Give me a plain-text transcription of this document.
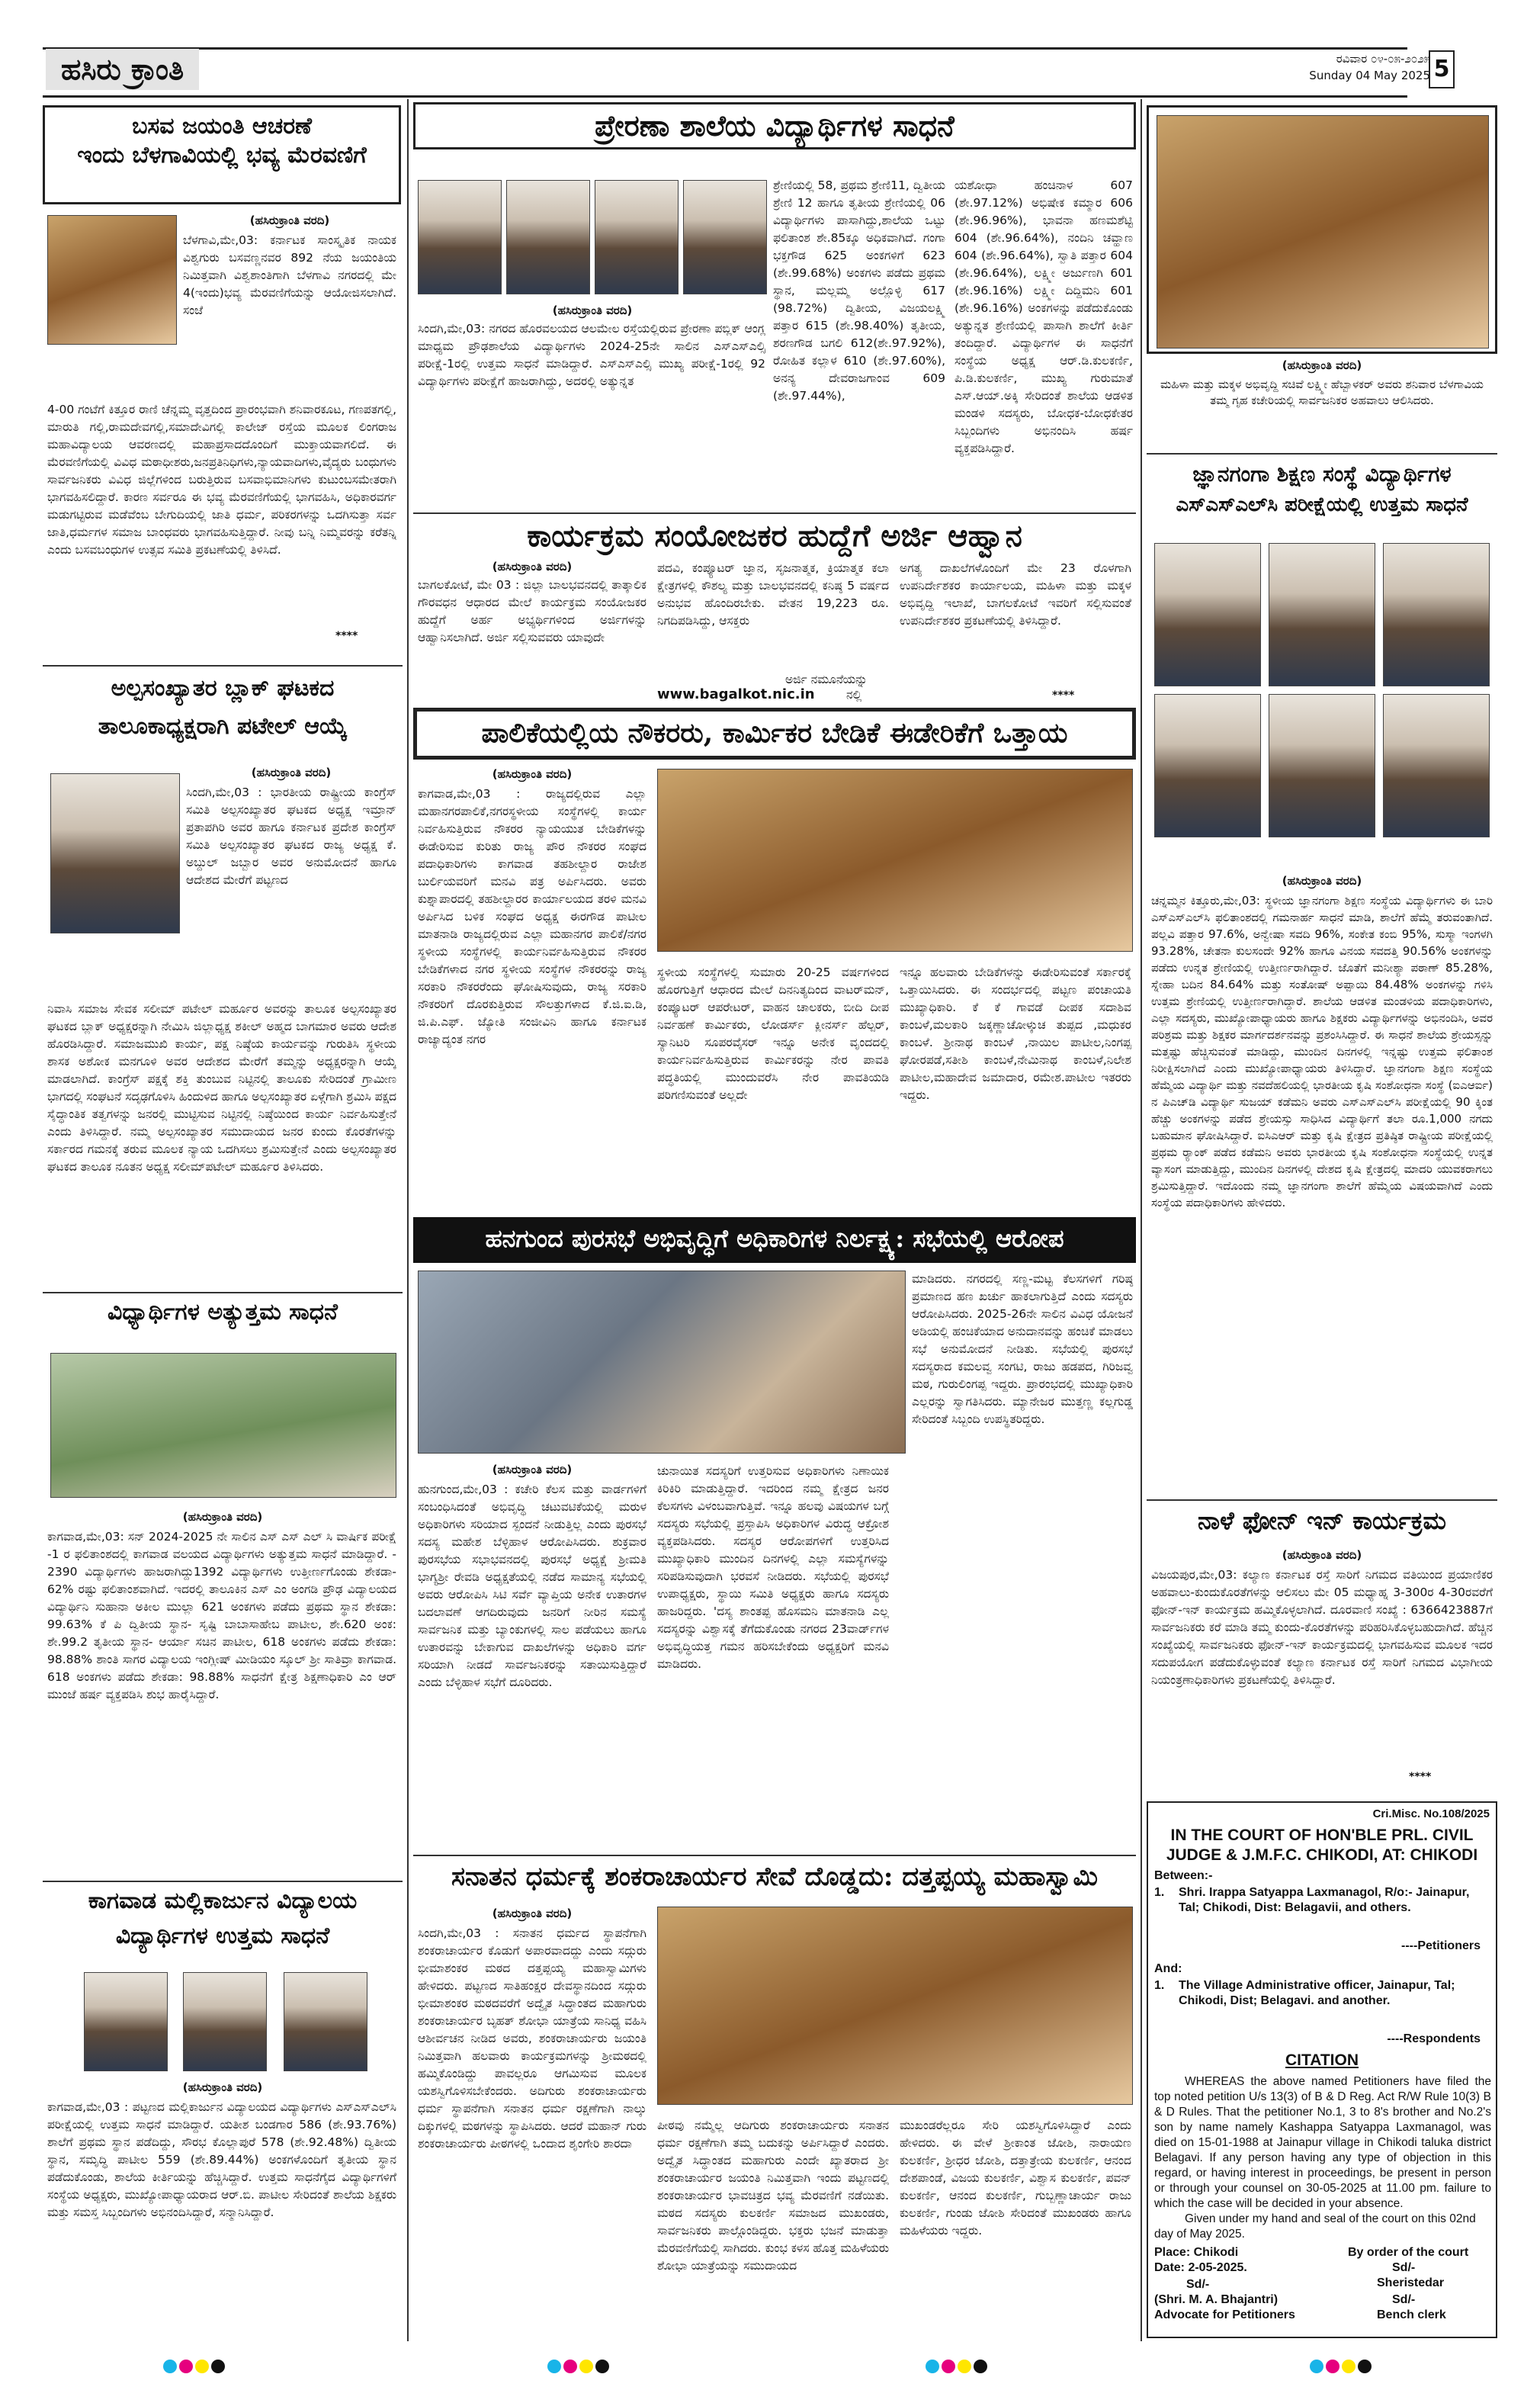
ಹಸಿರು ಕ್ರಾಂತಿ	ರವಿವಾರ ೦೪-೦೫-೨೦೨೫
Sunday 04 May 2025 5
ಬಸವ ಜಯಂತಿ ಆಚರಣೆ
ಇಂದು ಬೆಳಗಾವಿಯಲ್ಲಿ ಭವ್ಯ ಮೆರವಣಿಗೆ
(ಹಸಿರುಕ್ರಾಂತಿ ವರದಿ)
ಬೆಳಗಾವಿ,ಮೇ,03: ಕರ್ನಾಟಕ ಸಾಂಸ್ಕೃತಿಕ ನಾಯಕ ವಿಶ್ವಗುರು ಬಸವಣ್ಣನವರ 892 ನೆಯ ಜಯಂತಿಯ ನಿಮಿತ್ತವಾಗಿ ವಿಶ್ವಶಾಂತಿಗಾಗಿ ಬೆಳಗಾವಿ ನಗರದಲ್ಲಿ ಮೇ 4(ಇಂದು)ಭವ್ಯ ಮೆರವಣಿಗೆಯನ್ನು ಆಯೋಜಿಸಲಾಗಿದೆ. ಸಂಜೆ
4-00 ಗಂಟೆಗೆ ಕಿತ್ತೂರ ರಾಣಿ ಚೆನ್ನಮ್ಮ ವೃತ್ತದಿಂದ ಪ್ರಾರಂಭವಾಗಿ ಶನಿವಾರಕೂಟ, ಗಣಪತಗಲ್ಲಿ, ಮಾರುತಿ ಗಲ್ಲಿ,ರಾಮದೇವಗಲ್ಲಿ,ಸಮಾದೇವಿಗಲ್ಲಿ ಕಾಲೇಜ್ ರಸ್ತೆಯ ಮೂಲಕ ಲಿಂಗರಾಜ ಮಹಾವಿದ್ಯಾಲಯ ಆವರಣದಲ್ಲಿ ಮಹಾಪ್ರಸಾದದೊಂದಿಗೆ ಮುಕ್ತಾಯವಾಗಲಿದೆ. ಈ ಮೆರವಣಿಗೆಯಲ್ಲಿ ವಿವಿಧ ಮಠಾಧೀಶರು,ಜನಪ್ರತಿನಿಧಿಗಳು,ನ್ಯಾಯವಾದಿಗಳು,ವೈದ್ಯರು ಬಂಧುಗಳು ಸಾರ್ವಜನಿಕರು ವಿವಿಧ ಜಿಲ್ಲೆಗಳಿಂದ ಬರುತ್ತಿರುವ ಬಸವಾಭಿಮಾನಿಗಳು ಕುಟುಂಬಸಮೇತರಾಗಿ ಭಾಗವಹಿಸಲಿದ್ದಾರೆ. ಕಾರಣ ಸರ್ವರೂ ಈ ಭವ್ಯ ಮೆರವಣಿಗೆಯಲ್ಲಿ ಭಾಗವಹಿಸಿ, ಅಧಿಕಾರವರ್ಗ ಮಡುಗಟ್ಟಿರುವ ಮಡೆವೆಂಬ ಬೇಗುದಿಯಲ್ಲಿ ಜಾತಿ ಧರ್ಮ, ಪರಿಕರಗಳನ್ನು ಒದಗಿಸುತ್ತಾ ಸರ್ವ ಜಾತಿ,ಧರ್ಮಗಳ ಸಮಾಜ ಬಾಂಧವರು ಭಾಗವಹಿಸುತ್ತಿದ್ದಾರೆ. ನೀವು ಬನ್ನಿ ನಿಮ್ಮವರನ್ನು ಕರೆತನ್ನಿ ಎಂದು ಬಸವಬಂಧುಗಳ ಉತ್ಸವ ಸಮಿತಿ ಪ್ರಕಟಣೆಯಲ್ಲಿ ತಿಳಿಸಿದೆ.
****
ಅಲ್ಪಸಂಖ್ಯಾತರ ಬ್ಲಾಕ್ ಘಟಕದ
ತಾಲೂಕಾಧ್ಯಕ್ಷರಾಗಿ ಪಟೇಲ್ ಆಯ್ಕೆ
(ಹಸಿರುಕ್ರಾಂತಿ ವರದಿ)
ಸಿಂದಗಿ,ಮೇ,03 : ಭಾರತೀಯ ರಾಷ್ಟ್ರೀಯ ಕಾಂಗ್ರೆಸ್ ಸಮಿತಿ ಅಲ್ಪಸಂಖ್ಯಾತರ ಘಟಕದ ಅಧ್ಯಕ್ಷ ಇಮ್ರಾನ್ ಪ್ರತಾಪಗಿರಿ ಅವರ ಹಾಗೂ ಕರ್ನಾಟಕ ಪ್ರದೇಶ ಕಾಂಗ್ರೆಸ್ ಸಮಿತಿ ಅಲ್ಪಸಂಖ್ಯಾತರ ಘಟಕದ ರಾಜ್ಯ ಅಧ್ಯಕ್ಷ ಕೆ. ಅಬ್ದುಲ್ ಜಬ್ಬಾರ ಅವರ ಅನುಮೋದನೆ ಹಾಗೂ ಆದೇಶದ ಮೇರೆಗೆ ಪಟ್ಟಣದ
ನಿವಾಸಿ ಸಮಾಜ ಸೇವಕ ಸಲೀಮ್ ಪಟೇಲ್ ಮರ್ಹೂರ ಅವರನ್ನು ತಾಲೂಕ ಅಲ್ಪಸಂಖ್ಯಾತರ ಘಟಕದ ಬ್ಲಾಕ್ ಅಧ್ಯಕ್ಷರನ್ನಾಗಿ ನೇಮಿಸಿ ಜಿಲ್ಲಾಧ್ಯಕ್ಷ ಶಕೀಲ್ ಅಹ್ಮದ ಬಾಗಮಾರ ಅವರು ಆದೇಶ ಹೊರಡಿಸಿದ್ದಾರೆ. ಸಮಾಜಮುಖಿ ಕಾರ್ಯ, ಪಕ್ಷ ನಿಷ್ಠೆಯ ಕಾರ್ಯವನ್ನು ಗುರುತಿಸಿ ಸ್ಥಳೀಯ ಶಾಸಕ ಅಶೋಕ ಮನಗೂಳಿ ಅವರ ಆದೇಶದ ಮೇರೆಗೆ ತಮ್ಮನ್ನು ಅಧ್ಯಕ್ಷರನ್ನಾಗಿ ಆಯ್ಕೆ ಮಾಡಲಾಗಿದೆ. ಕಾಂಗ್ರೆಸ್ ಪಕ್ಷಕ್ಕೆ ಶಕ್ತಿ ತುಂಬುವ ನಿಟ್ಟಿನಲ್ಲಿ ತಾಲೂಕು ಸೇರಿದಂತೆ ಗ್ರಾಮೀಣ ಭಾಗದಲ್ಲಿ ಸಂಘಟನೆ ಸದೃಢಗೊಳಿಸಿ ಹಿಂದುಳಿದ ಹಾಗೂ ಅಲ್ಪಸಂಖ್ಯಾತರ ಏಳ್ಗೆಗಾಗಿ ಶ್ರಮಿಸಿ ಪಕ್ಷದ ಸೈದ್ಧಾಂತಿಕ ತತ್ವಗಳನ್ನು ಜನರಲ್ಲಿ ಮುಟ್ಟಿಸುವ ನಿಟ್ಟಿನಲ್ಲಿ ನಿಷ್ಠೆಯಿಂದ ಕಾರ್ಯ ನಿರ್ವಹಿಸುತ್ತೇನೆ ಎಂದು ತಿಳಿಸಿದ್ದಾರೆ. ನಮ್ಮ ಅಲ್ಪಸಂಖ್ಯಾತರ ಸಮುದಾಯದ ಜನರ ಕುಂದು ಕೊರತೆಗಳನ್ನು ಸರ್ಕಾರದ ಗಮನಕ್ಕೆ ತರುವ ಮೂಲಕ ನ್ಯಾಯ ಒದಗಿಸಲು ಶ್ರಮಿಸುತ್ತೇನೆ ಎಂದು ಅಲ್ಪಸಂಖ್ಯಾತರ ಘಟಕದ ತಾಲೂಕ ನೂತನ ಅಧ್ಯಕ್ಷ ಸಲೀಮ್‌ಪಟೇಲ್ ಮರ್ಹೂರ ತಿಳಿಸಿದರು.
ವಿಧ್ಯಾರ್ಥಿಗಳ ಅತ್ಯುತ್ತಮ ಸಾಧನೆ
(ಹಸಿರುಕ್ರಾಂತಿ ವರದಿ)
ಕಾಗವಾಡ,ಮೇ,03: ಸನ್ 2024-2025 ನೇ ಸಾಲಿನ ಎಸ್ ಎಸ್ ಎಲ್ ಸಿ ವಾರ್ಷಿಕ ಪರೀಕ್ಷೆ -1 ರ ಫಲಿತಾಂಶದಲ್ಲಿ ಕಾಗವಾಡ ವಲಯದ ವಿದ್ಯಾರ್ಥಿಗಳು ಅತ್ಯುತ್ತಮ ಸಾಧನೆ ಮಾಡಿದ್ದಾರೆ. - 2390 ವಿದ್ಯಾರ್ಥಿಗಳು ಹಾಜರಾಗಿದ್ದು1392 ವಿದ್ಯಾರ್ಥಿಗಳು ಉತ್ತೀರ್ಣಗೊಂಡು ಶೇಕಡಾ- 62% ರಷ್ಟು ಫಲಿತಾಂಶವಾಗಿದೆ. ಇದರಲ್ಲಿ ತಾಲೂಕಿನ ಎಸ್ ಎಂ ಅಂಗಡಿ ಪ್ರೌಢ ವಿದ್ಯಾಲಯದ ವಿದ್ಯಾರ್ಥಿನಿ ಸುಹಾನಾ ಅಕೀಲ ಮುಲ್ಲಾ 621 ಅಂಕಗಳು ಪಡೆದು ಪ್ರಥಮ ಸ್ಥಾನ ಶೇಕಡಾ: 99.63% ಕೆ ಪಿ ದ್ವಿತೀಯ ಸ್ಥಾನ- ಸೃಷ್ಟಿ ಬಾಬಾಸಾಹೇಬ ಪಾಟೀಲ, ಶೇ.620 ಅಂಕ: ಶೇ.99.2 ತೃತೀಯ ಸ್ಥಾನ- ಆರ್ಯಾ ಸಚಿನ ಪಾಟೀಲ, 618 ಅಂಕಗಳು ಪಡೆದು ಶೇಕಡಾ: 98.88% ಶಾಂತಿ ಸಾಗರ ವಿದ್ಯಾಲಯ ಇಂಗ್ಲೀಷ್ ಮೀಡಿಯಂ ಸ್ಕೂಲ್ ಶ್ರೀ ಸಾತಿವ್ರಾ ಕಾಗವಾಡ. 618 ಅಂಕಗಳು ಪಡೆದು ಶೇಕಡಾ: 98.88% ಸಾಧನೆಗೆ ಕ್ಷೇತ್ರ ಶಿಕ್ಷಣಾಧಿಕಾರಿ ಎಂ ಆರ್ ಮುಂಜೆ ಹರ್ಷ ವ್ಯಕ್ತಪಡಿಸಿ ಶುಭ ಹಾರೈಸಿದ್ದಾರೆ.
ಕಾಗವಾಡ ಮಲ್ಲಿಕಾರ್ಜುನ ವಿದ್ಯಾಲಯ
ವಿದ್ಯಾರ್ಥಿಗಳ ಉತ್ತಮ ಸಾಧನೆ
(ಹಸಿರುಕ್ರಾಂತಿ ವರದಿ)
ಕಾಗವಾಡ,ಮೇ,03 : ಪಟ್ಟಣದ ಮಲ್ಲಿಕಾರ್ಜುನ ವಿದ್ಯಾಲಯದ ವಿದ್ಯಾರ್ಥಿಗಳು ಎಸ್ಎಸ್ಎಲ್‌ಸಿ ಪರೀಕ್ಷೆಯಲ್ಲಿ ಉತ್ತಮ ಸಾಧನೆ ಮಾಡಿದ್ದಾರೆ. ಯತೀಶ ಬಂಡಗಾರ 586 (ಶೇ.93.76%) ಶಾಲೆಗೆ ಪ್ರಥಮ ಸ್ಥಾನ ಪಡೆದಿದ್ದು, ಸೌರಭ ಕೊಲ್ಲಾಪುರೆ 578 (ಶೇ.92.48%) ದ್ವಿತೀಯ ಸ್ಥಾನ, ಸಮೃದ್ಧಿ ಪಾಟೀಲ 559 (ಶೇ.89.44%) ಅಂಕಗಳೊಂದಿಗೆ ತೃತೀಯ ಸ್ಥಾನ ಪಡೆದುಕೊಂಡು, ಶಾಲೆಯ ಕೀರ್ತಿಯನ್ನು ಹೆಚ್ಚಿಸಿದ್ದಾರೆ. ಉತ್ತಮ ಸಾಧನೆಗೈದ ವಿದ್ಯಾರ್ಥಿಗಳಿಗೆ ಸಂಸ್ಥೆಯ ಅಧ್ಯಕ್ಷರು, ಮುಖ್ಯೋಪಾಧ್ಯಾಯರಾದ ಆರ್.ಬಿ. ಪಾಟೀಲ ಸೇರಿದಂತೆ ಶಾಲೆಯ ಶಿಕ್ಷಕರು ಮತ್ತು ಸಮಸ್ತ ಸಿಬ್ಬಂದಿಗಳು ಅಭಿನಂದಿಸಿದ್ದಾರೆ, ಸನ್ಮಾನಿಸಿದ್ದಾರೆ.
ಪ್ರೇರಣಾ ಶಾಲೆಯ ವಿದ್ಯಾರ್ಥಿಗಳ ಸಾಧನೆ
(ಹಸಿರುಕ್ರಾಂತಿ ವರದಿ)
ಸಿಂದಗಿ,ಮೇ,03: ನಗರದ ಹೊರವಲಯದ ಆಲಮೇಲ ರಸ್ತೆಯಲ್ಲಿರುವ ಪ್ರೇರಣಾ ಪಬ್ಲಿಕ್ ಆಂಗ್ಲ ಮಾಧ್ಯಮ ಪ್ರೌಢಶಾಲೆಯ ವಿದ್ಯಾರ್ಥಿಗಳು 2024-25ನೇ ಸಾಲಿನ ಎಸ್ಎಸ್ಎಲ್ಸಿ ಪರೀಕ್ಷೆ-1ರಲ್ಲಿ ಉತ್ತಮ ಸಾಧನೆ ಮಾಡಿದ್ದಾರೆ. ಎಸ್ಎಸ್ಎಲ್ಸಿ ಮುಖ್ಯ ಪರೀಕ್ಷೆ-1ರಲ್ಲಿ 92 ವಿದ್ಯಾರ್ಥಿಗಳು ಪರೀಕ್ಷೆಗೆ ಹಾಜರಾಗಿದ್ದು, ಅದರಲ್ಲಿ ಅತ್ಯುನ್ನತ
ಶ್ರೇಣಿಯಲ್ಲಿ 58, ಪ್ರಥಮ ಶ್ರೇಣಿ11, ದ್ವಿತೀಯ ಶ್ರೇಣಿ 12 ಹಾಗೂ ತೃತೀಯ ಶ್ರೇಣಿಯಲ್ಲಿ 06 ವಿದ್ಯಾರ್ಥಿಗಳು ಪಾಸಾಗಿದ್ದು,ಶಾಲೆಯ ಒಟ್ಟು ಫಲಿತಾಂಶ ಶೇ.85ಕ್ಕೂ ಅಧಿಕವಾಗಿದೆ. ಗಂಗಾ ಭಕ್ತಗೌಡ 625 ಅಂಕಗಳಿಗೆ 623 (ಶೇ.99.68%) ಅಂಕಗಳು ಪಡೆದು ಪ್ರಥಮ ಸ್ಥಾನ, ಮಲ್ಲಮ್ಮ ಅಲ್ಲೊಳ್ಳಿ 617 (98.72%) ದ್ವಿತೀಯ, ವಿಜಯಲಕ್ಷ್ಮಿ ಪತ್ತಾರ 615 (ಶೇ.98.40%) ತೃತೀಯ, ಶರಣಗೌಡ ಬಗಲಿ 612(ಶೇ.97.92%), ರೋಹಿತ ಕಲ್ಲಾಳ 610 (ಶೇ.97.60%), ಅನನ್ಯ ದೇವರಾಜಗಾಂವ 609 (ಶೇ.97.44%),
ಯಶೋಧಾ ಹಂಚಿನಾಳ 607 (ಶೇ.97.12%) ಅಭಿಷೇಕ ಕಮ್ಮಾರ 606 (ಶೇ.96.96%), ಭಾವನಾ ಹಣಮಶೆಟ್ಟಿ 604 (ಶೇ.96.64%), ನಂದಿನಿ ಚವ್ಹಾಣ 604 (ಶೇ.96.64%), ಸ್ವಾತಿ ಪತ್ತಾರ 604 (ಶೇ.96.64%), ಲಕ್ಷ್ಮೀ ಅರ್ಜುಣಗಿ 601 (ಶೇ.96.16%) ಲಕ್ಷ್ಮೀ ದಿದ್ದಿಮನಿ 601 (ಶೇ.96.16%) ಅಂಕಗಳನ್ನು ಪಡೆದುಕೊಂಡು ಅತ್ಯುನ್ನತ ಶ್ರೇಣಿಯಲ್ಲಿ ಪಾಸಾಗಿ ಶಾಲೆಗೆ ಕೀರ್ತಿ ತಂದಿದ್ದಾರೆ. ವಿದ್ಯಾರ್ಥಿಗಳ ಈ ಸಾಧನೆಗೆ ಸಂಸ್ಥೆಯ ಅಧ್ಯಕ್ಷ ಆರ್.ಡಿ.ಕುಲಕರ್ಣಿ, ಪಿ.ಡಿ.ಕುಲಕರ್ಣಿ, ಮುಖ್ಯ ಗುರುಮಾತೆ ಎಸ್.ಆಯ್.ಅಕ್ಕಿ ಸೇರಿದಂತೆ ಶಾಲೆಯ ಆಡಳಿತ ಮಂಡಳಿ ಸದಸ್ಯರು, ಬೋಧಕ-ಬೋಧಕೇತರ ಸಿಬ್ಬಂದಿಗಳು ಅಭಿನಂದಿಸಿ ಹರ್ಷ ವ್ಯಕ್ತಪಡಿಸಿದ್ದಾರೆ.
ಕಾರ್ಯಕ್ರಮ ಸಂಯೋಜಕರ ಹುದ್ದೆಗೆ ಅರ್ಜಿ ಆಹ್ವಾನ
(ಹಸಿರುಕ್ರಾಂತಿ ವರದಿ)
ಬಾಗಲಕೋಟೆ, ಮೇ 03 : ಜಿಲ್ಲಾ ಬಾಲಭವನದಲ್ಲಿ ತಾತ್ಕಾಲಿಕ ಗೌರವಧನ ಆಧಾರದ ಮೇಲೆ ಕಾರ್ಯಕ್ರಮ ಸಂಯೋಜಕರ ಹುದ್ದೆಗೆ ಅರ್ಹ ಅಭ್ಯರ್ಥಿಗಳಿಂದ ಅರ್ಜಿಗಳನ್ನು ಆಹ್ವಾನಿಸಲಾಗಿದೆ. ಅರ್ಜಿ ಸಲ್ಲಿಸುವವರು ಯಾವುದೇ
ಪದವಿ, ಕಂಪ್ಯೂಟರ್ ಜ್ಞಾನ, ಸೃಜನಾತ್ಮಕ, ಕ್ರಿಯಾತ್ಮಕ ಕಲಾ ಕ್ಷೇತ್ರಗಳಲ್ಲಿ ಕೌಶಲ್ಯ ಮತ್ತು ಬಾಲಭವನದಲ್ಲಿ ಕನಿಷ್ಠ 5 ವರ್ಷದ ಅನುಭವ ಹೊಂದಿರಬೇಕು. ವೇತನ 19,223 ರೂ. ನಿಗದಿಪಡಿಸಿದ್ದು, ಆಸಕ್ತರು
ಅಗತ್ಯ ದಾಖಲೆಗಳೊಂದಿಗೆ ಮೇ 23 ರೊಳಗಾಗಿ ಉಪನಿರ್ದೇಶಕರ ಕಾರ್ಯಾಲಯ, ಮಹಿಳಾ ಮತ್ತು ಮಕ್ಕಳ ಅಭಿವೃದ್ದಿ ಇಲಾಖೆ, ಬಾಗಲಕೋಟೆ ಇವರಿಗೆ ಸಲ್ಲಿಸುವಂತೆ ಉಪನಿರ್ದೇಶಕರ ಪ್ರಕಟಣೆಯಲ್ಲಿ ತಿಳಿಸಿದ್ದಾರೆ.
ಅರ್ಜಿ ನಮೂನೆಯನ್ನು
www.bagalkot.nic.in	ನಲ್ಲಿ	****
ಪಾಲಿಕೆಯಲ್ಲಿಯ ನೌಕರರು, ಕಾರ್ಮಿಕರ ಬೇಡಿಕೆ ಈಡೇರಿಕೆಗೆ ಒತ್ತಾಯ
(ಹಸಿರುಕ್ರಾಂತಿ ವರದಿ)
ಕಾಗವಾಡ,ಮೇ,03 : ರಾಜ್ಯದಲ್ಲಿರುವ ಎಲ್ಲಾ ಮಹಾನಗರಪಾಲಿಕೆ,ನಗರಸ್ಥಳೀಯ ಸಂಸ್ಥೆಗಳಲ್ಲಿ ಕಾರ್ಯ ನಿರ್ವಹಿಸುತ್ತಿರುವ ನೌಕರರ ನ್ಯಾಯಯುತ ಬೇಡಿಕೆಗಳನ್ನು ಈಡೇರಿಸುವ ಕುರಿತು ರಾಜ್ಯ ಪೌರ ನೌಕರರ ಸಂಘದ ಪದಾಧಿಕಾರಿಗಳು ಕಾಗವಾಡ ತಹಶೀಲ್ದಾರ ರಾಜೇಶ ಬುರ್ಲಿಯವರಿಗೆ ಮನವಿ ಪತ್ರ ಅರ್ಪಿಸಿದರು. ಅವರು ಕುಶ್ನಾಪಾರದಲ್ಲಿ ತಹಶೀಲ್ದಾರರ ಕಾರ್ಯಾಲಯದ ತರಳಿ ಮನವಿ ಅರ್ಪಿಸಿದ ಬಳಿಕ ಸಂಘದ ಅಧ್ಯಕ್ಷ ಈರಗೌಡ ಪಾಟೀಲ ಮಾತನಾಡಿ ರಾಜ್ಯದಲ್ಲಿರುವ ಎಲ್ಲಾ ಮಹಾನಗರ ಪಾಲಿಕೆ/ನಗರ ಸ್ಥಳೀಯ ಸಂಸ್ಥೆಗಳಲ್ಲಿ ಕಾರ್ಯನಿರ್ವಹಿಸುತ್ತಿರುವ ನೌಕರರ ಬೇಡಿಕೆಗಳಾದ ನಗರ ಸ್ಥಳೀಯ ಸಂಸ್ಥೆಗಳ ನೌಕರರನ್ನು ರಾಜ್ಯ ಸರಕಾರಿ ನೌಕರರೆಂದು ಘೋಷಿಸುವುದು, ರಾಜ್ಯ ಸರಕಾರಿ ನೌಕರರಿಗೆ ದೊರಕುತ್ತಿರುವ ಸೌಲತ್ತುಗಳಾದ ಕೆ.ಜಿ.ಐ.ಡಿ, ಜಿ.ಪಿ.ಎಫ್. ಜ್ಯೋತಿ ಸಂಜೀವಿನಿ ಹಾಗೂ ಕರ್ನಾಟಕ ರಾಜ್ಯಾದ್ಯಂತ ನಗರ
ಸ್ಥಳೀಯ ಸಂಸ್ಥೆಗಳಲ್ಲಿ ಸುಮಾರು 20-25 ವರ್ಷಗಳಿಂದ ಹೊರಗುತ್ತಿಗೆ ಆಧಾರದ ಮೇಲೆ ದಿನನಿತ್ಯದಿಂದ ವಾಟರ್‌ಮನ್, ಕಂಪ್ಯೂಟರ್ ಆಪರೇಟರ್, ವಾಹನ ಚಾಲಕರು, ಬೀದಿ ದೀಪ ನಿರ್ವಹಣೆ ಕಾರ್ಮಿಕರು, ಲೋಡರ್ಸ್ ಕ್ಲೀನರ್ಸ್ ಹೆಲ್ಪರ್, ಸ್ಯಾನಿಟರಿ ಸೂಪರವೈಸರ್ ಇನ್ನೂ ಅನೇಕ ವೃಂದದಲ್ಲಿ ಕಾರ್ಯನಿರ್ವಹಿಸುತ್ತಿರುವ ಕಾರ್ಮಿಕರನ್ನು ನೇರ ಪಾವತಿ ಪದ್ಧತಿಯಲ್ಲಿ ಮುಂದುವರೆಸಿ ನೇರ ಪಾವತಿಯಡಿ ಪರಿಗಣಿಸುವಂತೆ ಅಲ್ಲದೇ
ಇನ್ನೂ ಹಲವಾರು ಬೇಡಿಕೆಗಳನ್ನು ಈಡೇರಿಸುವಂತೆ ಸರ್ಕಾರಕ್ಕೆ ಒತ್ತಾಯಿಸಿದರು. ಈ ಸಂದರ್ಭದಲ್ಲಿ ಪಟ್ಟಣ ಪಂಚಾಯತಿ ಮುಖ್ಯಾಧಿಕಾರಿ. ಕೆ ಕೆ ಗಾವಡೆ ದೀಪಕ ಸದಾಶಿವ ಕಾಂಬಳೆ,ಮಲಕಾರಿ ಜಕ್ಕಣ್ಣಾಚೋಳ್ಕುಚ ತುಪ್ಪದ ,ಮಧುಕರ ಕಾಂಬಳೆ. ಶ್ರೀನಾಥ ಕಾಂಬಳೆ ,ನಾಯಿಲ ಪಾಟೀಲ,ನಿಂಗಪ್ಪ ಘೋರಪಡೆ,ಸತೀಶಿ ಕಾಂಬಳೆ,ನೇಮಿನಾಥ ಕಾಂಬಳೆ,ನಿಲೇಶ ಪಾಟೀಲ,ಮಹಾದೇವ ಜಮಾದಾರ, ರಮೇಶ.ಪಾಟೀಲ ಇತರರು ಇದ್ದರು.
ಹನಗುಂದ ಪುರಸಭೆ ಅಭಿವೃದ್ಧಿಗೆ ಅಧಿಕಾರಿಗಳ ನಿರ್ಲಕ್ಷ್ಯ: ಸಭೆಯಲ್ಲಿ ಆರೋಪ
(ಹಸಿರುಕ್ರಾಂತಿ ವರದಿ)
ಹುನಗುಂದ,ಮೇ,03 : ಕಚೇರಿ ಕೆಲಸ ಮತ್ತು ವಾರ್ಡಗಳಿಗೆ ಸಂಬಂಧಿಸಿದಂತೆ ಅಭಿವೃದ್ಧಿ ಚಟುವಟಿಕೆಯಲ್ಲಿ ಮರುಳ ಅಧಿಕಾರಿಗಳು ಸರಿಯಾದ ಸ್ಪಂದನೆ ನೀಡುತ್ತಿಲ್ಲ ಎಂದು ಪುರಸಭೆ ಸದಸ್ಯ ಮಹೇಶ ಬೆಳ್ಳಿಹಾಳ ಆರೋಪಿಸಿದರು. ಶುಕ್ರವಾರ ಪುರಸಭೆಯ ಸಭಾಭವನದಲ್ಲಿ ಪುರಸಭೆ ಅಧ್ಯಕ್ಷೆ ಶ್ರೀಮತಿ ಭಾಗ್ಯಶ್ರೀ ರೇವಡಿ ಅಧ್ಯಕ್ಷತೆಯಲ್ಲಿ ನಡೆದ ಸಾಮಾನ್ಯ ಸಭೆಯಲ್ಲಿ ಅವರು ಆರೋಪಿಸಿ ಸಿಟಿ ಸರ್ವೆ ವ್ಯಾಪ್ತಿಯ ಅನೇಕ ಉತಾರಗಳ ಬದಲಾವಣೆ ಆಗದಿರುವುದು ಜನರಿಗೆ ನೀರಿನ ಸಮಸ್ಯೆ ಸಾರ್ವಜನಿಕ ಮತ್ತು ಬ್ಯಾಂಕುಗಳಲ್ಲಿ ಸಾಲ ಪಡೆಯಲು ಹಾಗೂ ಉತಾರವನ್ನು ಬೇಕಾಗುವ ದಾಖಲೆಗಳನ್ನು ಅಧಿಕಾರಿ ವರ್ಗ ಸರಿಯಾಗಿ ನೀಡದೆ ಸಾರ್ವಜನಿಕರನ್ನು ಸತಾಯಿಸುತ್ತಿದ್ದಾರೆ ಎಂದು ಬೆಳ್ಳಿಹಾಳ ಸಭೆಗೆ ದೂರಿದರು.
ಚುನಾಯಿತ ಸದಸ್ಯರಿಗೆ ಉತ್ತರಿಸುವ ಅಧಿಕಾರಿಗಳು ನಿಣಾಯಿಕ ಕಿರಿಕಿರಿ ಮಾಡುತ್ತಿದ್ದಾರೆ. ಇದರಿಂದ ನಮ್ಮ ಕ್ಷೇತ್ರದ ಜನರ ಕೆಲಸಗಳು ವಿಳಂಬವಾಗುತ್ತಿವೆ. ಇನ್ನೂ ಹಲವು ವಿಷಯಗಳ ಬಗ್ಗೆ ಸದಸ್ಯರು ಸಭೆಯಲ್ಲಿ ಪ್ರಸ್ತಾಪಿಸಿ ಅಧಿಕಾರಿಗಳ ವಿರುದ್ಧ ಆಕ್ರೋಶ ವ್ಯಕ್ತಪಡಿಸಿದರು. ಸದಸ್ಯರ ಆರೋಪಗಳಿಗೆ ಉತ್ತರಿಸಿದ ಮುಖ್ಯಾಧಿಕಾರಿ ಮುಂದಿನ ದಿನಗಳಲ್ಲಿ ಎಲ್ಲಾ ಸಮಸ್ಯೆಗಳನ್ನು ಸರಿಪಡಿಸುವುದಾಗಿ ಭರವಸೆ ನೀಡಿದರು. ಸಭೆಯಲ್ಲಿ ಪುರಸಭೆ ಉಪಾಧ್ಯಕ್ಷರು, ಸ್ಥಾಯಿ ಸಮಿತಿ ಅಧ್ಯಕ್ಷರು ಹಾಗೂ ಸದಸ್ಯರು ಹಾಜರಿದ್ದರು. 'ದಸ್ಯ ಶಾಂತಪ್ಪ ಹೊಸಮನಿ ಮಾತನಾಡಿ ಎಲ್ಲ ಸದಸ್ಯರನ್ನು ವಿಶ್ವಾಸಕ್ಕೆ ತೆಗೆದುಕೊಂಡು ನಗರದ 23ವಾರ್ಡ್‌ಗಳ ಅಭಿವೃದ್ಧಿಯತ್ತ ಗಮನ ಹರಿಸಬೇಕೆಂದು ಅಧ್ಯಕ್ಷರಿಗೆ ಮನವಿ ಮಾಡಿದರು.
ಮಾಡಿದರು. ನಗರದಲ್ಲಿ ಸಣ್ಣ-ಮಟ್ಟ ಕೆಲಸಗಳಿಗೆ ಗರಿಷ್ಠ ಪ್ರಮಾಣದ ಹಣ ಖರ್ಚು ಹಾಕಲಾಗುತ್ತಿದೆ ಎಂದು ಸದಸ್ಯರು ಆರೋಪಿಸಿದರು. 2025-26ನೇ ಸಾಲಿನ ವಿವಿಧ ಯೋಜನೆ ಅಡಿಯಲ್ಲಿ ಹಂಚಿಕೆಯಾದ ಅನುದಾನವನ್ನು ಹಂಚಿಕೆ ಮಾಡಲು ಸಭೆ ಅನುಮೋದನೆ ನೀಡಿತು. ಸಭೆಯಲ್ಲಿ ಪುರಸಭೆ ಸದಸ್ಯರಾದ ಕಮಲವ್ವ ಸಂಗಟಿ, ರಾಜು ಹಡಪದ, ಗಿರಿಜವ್ವ ಮಠ, ಗುರುಲಿಂಗಪ್ಪ ಇದ್ದರು. ಪ್ರಾರಂಭದಲ್ಲಿ ಮುಖ್ಯಾಧಿಕಾರಿ ಎಲ್ಲರನ್ನು ಸ್ವಾಗತಿಸಿದರು. ಮ್ಯಾನೇಜರ ಮುತ್ತಣ್ಣ ಕಲ್ಲಗುಡ್ಡ ಸೇರಿದಂತೆ ಸಿಬ್ಬಂದಿ ಉಪಸ್ಥಿತರಿದ್ದರು.
ಸನಾತನ ಧರ್ಮಕ್ಕೆ ಶಂಕರಾಚಾರ್ಯರ ಸೇವೆ ದೊಡ್ಡದು: ದತ್ತಪ್ಪಯ್ಯ ಮಹಾಸ್ವಾಮಿ
(ಹಸಿರುಕ್ರಾಂತಿ ವರದಿ)
ಸಿಂದಗಿ,ಮೇ,03 : ಸನಾತನ ಧರ್ಮದ ಸ್ಥಾಪನೆಗಾಗಿ ಶಂಕರಾಚಾರ್ಯರ ಕೊಡುಗೆ ಅಪಾರವಾದದ್ದು ಎಂದು ಸದ್ಗುರು ಭೀಮಾಶಂಕರ ಮಠದ ದತ್ತಪ್ಪಯ್ಯ ಮಹಾಸ್ವಾಮಿಗಳು ಹೇಳಿದರು. ಪಟ್ಟಣದ ಸಾತಿಹಂಕ್ಷರ ದೇವಸ್ಥಾನದಿಂದ ಸದ್ಗುರು ಭೀಮಾಶಂಕರ ಮಠದವರೆಗೆ ಅದ್ವೈತ ಸಿದ್ಧಾಂತದ ಮಹಾಗುರು ಶಂಕರಾಚಾರ್ಯರ ಬೃಹತ್ ಶೋಭಾ ಯಾತ್ರೆಯ ಸಾನಿಧ್ಯ ವಹಿಸಿ ಆಶೀರ್ವಚನ ನೀಡಿದ ಅವರು, ಶಂಕರಾಚಾರ್ಯರು ಜಯಂತಿ ನಿಮಿತ್ತವಾಗಿ ಹಲವಾರು ಕಾರ್ಯಕ್ರಮಗಳನ್ನು ಶ್ರೀಮಠದಲ್ಲಿ ಹಮ್ಮಿಕೊಂಡಿದ್ದು ಪಾವಲ್ಲರೂ ಆಗಮಿಸುವ ಮೂಲಕ ಯಶಸ್ವಿಗೊಳಿಸಬೇಕೆಂದರು. ಅದಿಗುರು ಶಂಕರಾಚಾರ್ಯರು ಧರ್ಮ ಸ್ಥಾಪನೆಗಾಗಿ ಸನಾತನ ಧರ್ಮ ರಕ್ಷಣೆಗಾಗಿ ನಾಲ್ಕು ದಿಕ್ಕುಗಳಲ್ಲಿ ಮಠಗಳನ್ನು ಸ್ಥಾಪಿಸಿದರು. ಆದರೆ ಮಹಾನ್ ಗುರು ಶಂಕರಾಚಾರ್ಯರು ಪೀಠಗಳಲ್ಲಿ ಒಂದಾದ ಶೃಂಗೇರಿ ಶಾರದಾ
ಪೀಠವು ನಮ್ಮೆಲ್ಲ ಆದಿಗುರು ಶಂಕರಾಚಾರ್ಯರು ಸನಾತನ ಧರ್ಮ ರಕ್ಷಣೆಗಾಗಿ ತಮ್ಮ ಬದುಕನ್ನು ಅರ್ಪಿಸಿದ್ದಾರೆ ಎಂದರು. ಅದ್ವೈತ ಸಿದ್ಧಾಂತದ ಮಹಾಗುರು ಎಂದೇ ಖ್ಯಾತರಾದ ಶ್ರೀ ಶಂಕರಾಚಾರ್ಯರ ಜಯಂತಿ ನಿಮಿತ್ತವಾಗಿ ಇಂದು ಪಟ್ಟಣದಲ್ಲಿ ಶಂಕರಾಚಾರ್ಯರ ಭಾವಚಿತ್ರದ ಭವ್ಯ ಮೆರವಣಿಗೆ ನಡೆಯಿತು. ಮಠದ ಸದಸ್ಯರು ಕುಲಕರ್ಣಿ ಸಮಾಜದ ಮುಖಂಡರು, ಸಾರ್ವಜನಿಕರು ಪಾಲ್ಗೊಂಡಿದ್ದರು. ಭಕ್ತರು ಭಜನೆ ಮಾಡುತ್ತಾ ಮೆರವಣಿಗೆಯಲ್ಲಿ ಸಾಗಿದರು. ಕುಂಭ ಕಳಸ ಹೊತ್ತ ಮಹಿಳೆಯರು ಶೋಭಾ ಯಾತ್ರೆಯನ್ನು ಸಮುದಾಯದ
ಮುಖಂಡರೆಲ್ಲರೂ ಸೇರಿ ಯಶಸ್ವಿಗೊಳಿಸಿದ್ದಾರೆ ಎಂದು ಹೇಳಿದರು. ಈ ವೇಳೆ ಶ್ರೀಕಾಂತ ಜೋಶಿ, ನಾರಾಯಣ ಕುಲಕರ್ಣಿ, ಶ್ರೀಧರ ಜೋಶಿ, ದತ್ತಾತ್ರೇಯ ಕುಲಕರ್ಣಿ, ಆನಂದ ದೇಶಪಾಂಡೆ, ವಿಜಯ ಕುಲಕರ್ಣಿ, ವಿಶ್ವಾಸ ಕುಲಕರ್ಣಿ, ಪವನ್ ಕುಲಕರ್ಣಿ, ಆನಂದ ಕುಲಕರ್ಣಿ, ಗುಬ್ಬಣ್ಣಾಚಾರ್ಯ ರಾಜು ಕುಲಕರ್ಣಿ, ಗುಂಡು ಜೋಶಿ ಸೇರಿದಂತೆ ಮುಖಂಡರು ಹಾಗೂ ಮಹಿಳೆಯರು ಇದ್ದರು.
(ಹಸಿರುಕ್ರಾಂತಿ ವರದಿ)
ಮಹಿಳಾ ಮತ್ತು ಮಕ್ಕಳ ಅಭಿವೃದ್ದಿ ಸಚಿವೆ ಲಕ್ಷ್ಮೀ ಹೆಬ್ಬಾಳಕರ್ ಅವರು ಶನಿವಾರ ಬೆಳಗಾವಿಯ ತಮ್ಮ ಗೃಹ ಕಚೇರಿಯಲ್ಲಿ ಸಾರ್ವಜನಿಕರ ಅಹವಾಲು ಆಲಿಸಿದರು.
ಜ್ಞಾನಗಂಗಾ ಶಿಕ್ಷಣ ಸಂಸ್ಥೆ ವಿದ್ಯಾರ್ಥಿಗಳ
ಎಸ್‌ಎಸ್‌ಎಲ್‌ಸಿ ಪರೀಕ್ಷೆಯಲ್ಲಿ ಉತ್ತಮ ಸಾಧನೆ
(ಹಸಿರುಕ್ರಾಂತಿ ವರದಿ)
ಚನ್ನಮ್ಮನ ಕಿತ್ತೂರು,ಮೇ,03: ಸ್ಥಳೀಯ ಜ್ಞಾನಗಂಗಾ ಶಿಕ್ಷಣ ಸಂಸ್ಥೆಯ ವಿದ್ಯಾರ್ಥಿಗಳು ಈ ಬಾರಿ ಎಸ್‌ಎಸ್‌ಎಲ್‌ಸಿ ಫಲಿತಾಂಶದಲ್ಲಿ ಗಮನಾರ್ಹ ಸಾಧನೆ ಮಾಡಿ, ಶಾಲೆಗೆ ಹೆಮ್ಮೆ ತರುವಂತಾಗಿದೆ. ಪಲ್ಲವಿ ಪತ್ತಾರ 97.6%, ಅನ್ವೇಷಾ ಸವದಿ 96%, ಸಂಕೇತ ಕಂಬಿ 95%, ಸುಸ್ಮಾ ಇಂಗಳಗಿ 93.28%, ಚೇತನಾ ಕುಲಸಂದೇ 92% ಹಾಗೂ ವಿನಯ ಸವದತ್ತಿ 90.56% ಅಂಕಗಳನ್ನು ಪಡೆದು ಉನ್ನತ ಶ್ರೇಣಿಯಲ್ಲಿ ಉತ್ತೀರ್ಣರಾಗಿದ್ದಾರೆ. ಜೊತೆಗೆ ಮನೀಶ್ಯಾ ಪಠಾಣ್ 85.28%, ಸ್ನೇಹಾ ಬದಿನ 84.64% ಮತ್ತು ಸಂತೋಷ್ ಅಪ್ಪಾಯಿ 84.48% ಅಂಕಗಳನ್ನು ಗಳಿಸಿ ಉತ್ತಮ ಶ್ರೇಣಿಯಲ್ಲಿ ಉತ್ತೀರ್ಣರಾಗಿದ್ದಾರೆ. ಶಾಲೆಯ ಆಡಳಿತ ಮಂಡಳಿಯ ಪದಾಧಿಕಾರಿಗಳು, ಎಲ್ಲಾ ಸದಸ್ಯರು, ಮುಖ್ಯೋಪಾಧ್ಯಾಯರು ಹಾಗೂ ಶಿಕ್ಷಕರು ವಿದ್ಯಾರ್ಥಿಗಳನ್ನು ಅಭಿನಂದಿಸಿ, ಅವರ ಪರಿಶ್ರಮ ಮತ್ತು ಶಿಕ್ಷಕರ ಮಾರ್ಗದರ್ಶನವನ್ನು ಪ್ರಶಂಸಿಸಿದ್ದಾರೆ. ಈ ಸಾಧನೆ ಶಾಲೆಯ ಶ್ರೇಯಸ್ಸನ್ನು ಮತ್ತಷ್ಟು ಹೆಚ್ಚಿಸುವಂತೆ ಮಾಡಿದ್ದು, ಮುಂದಿನ ದಿನಗಳಲ್ಲಿ ಇನ್ನಷ್ಟು ಉತ್ತಮ ಫಲಿತಾಂಶ ನಿರೀಕ್ಷಿಸಲಾಗಿದೆ ಎಂದು ಮುಖ್ಯೋಪಾಧ್ಯಾಯರು ತಿಳಿಸಿದ್ದಾರೆ. ಜ್ಞಾನಗಂಗಾ ಶಿಕ್ಷಣ ಸಂಸ್ಥೆಯ ಹೆಮ್ಮೆಯ ವಿದ್ಯಾರ್ಥಿ ಮತ್ತು ನವದೆಹಲಿಯಲ್ಲಿ ಭಾರತೀಯ ಕೃಷಿ ಸಂಶೋಧನಾ ಸಂಸ್ಥೆ (ಐಎಆರ್ಐ) ನ ಪಿಎಚ್‌ಡಿ ವಿದ್ಯಾರ್ಥಿ ಸುಜಯ್ ಕಡೆಮನಿ ಅವರು ಎಸ್‌ಎಸ್‌ಎಲ್‌ಸಿ ಪರೀಕ್ಷೆಯಲ್ಲಿ 90 ಕ್ಕಿಂತ ಹೆಚ್ಚು ಅಂಕಗಳನ್ನು ಪಡೆದ ಶ್ರೇಯಸ್ಸು ಸಾಧಿಸಿದ ವಿದ್ಯಾರ್ಥಿಗೆ ತಲಾ ರೂ.1,000 ನಗದು ಬಹುಮಾನ ಘೋಷಿಸಿದ್ದಾರೆ. ಐಸಿಎಆರ್ ಮತ್ತು ಕೃಷಿ ಕ್ಷೇತ್ರದ ಪ್ರತಿಷ್ಠಿತ ರಾಷ್ಟ್ರೀಯ ಪರೀಕ್ಷೆಯಲ್ಲಿ ಪ್ರಥಮ ರ‍್ಯಾಂಕ್ ಪಡೆದ ಕಡೆಮನಿ ಅವರು ಭಾರತೀಯ ಕೃಷಿ ಸಂಶೋಧನಾ ಸಂಸ್ಥೆಯಲ್ಲಿ ಉನ್ನತ ವ್ಯಾಸಂಗ ಮಾಡುತ್ತಿದ್ದು, ಮುಂದಿನ ದಿನಗಳಲ್ಲಿ ದೇಶದ ಕೃಷಿ ಕ್ಷೇತ್ರದಲ್ಲಿ ಮಾದರಿ ಯುವಕರಾಗಲು ಶ್ರಮಿಸುತ್ತಿದ್ದಾರೆ. ಇದೊಂದು ನಮ್ಮ ಜ್ಞಾನಗಂಗಾ ಶಾಲೆಗೆ ಹೆಮ್ಮೆಯ ವಿಷಯವಾಗಿದೆ ಎಂದು ಸಂಸ್ಥೆಯ ಪದಾಧಿಕಾರಿಗಳು ಹೇಳಿದರು.
ನಾಳೆ ಫೋನ್ ಇನ್ ಕಾರ್ಯಕ್ರಮ
(ಹಸಿರುಕ್ರಾಂತಿ ವರದಿ)
ವಿಜಯಪುರ,ಮೇ,03: ಕಲ್ಯಾಣ ಕರ್ನಾಟಕ ರಸ್ತೆ ಸಾರಿಗೆ ನಿಗಮದ ವತಿಯಿಂದ ಪ್ರಯಾಣಿಕರ ಅಹವಾಲು-ಕುಂದುಕೊರತೆಗಳನ್ನು ಆಲಿಸಲು ಮೇ 05 ಮಧ್ಯಾಹ್ನ 3-300ರ 4-30ರವರೆಗೆ ಫೋನ್-ಇನ್ ಕಾರ್ಯಕ್ರಮ ಹಮ್ಮಿಕೊಳ್ಳಲಾಗಿದೆ. ದೂರವಾಣಿ ಸಂಖ್ಯೆ : 6366423887ಗೆ ಸಾರ್ವಜನಿಕರು ಕರೆ ಮಾಡಿ ತಮ್ಮ ಕುಂದು-ಕೊರತೆಗಳನ್ನು ಪರಿಹರಿಸಿಕೊಳ್ಳಬಹುದಾಗಿದೆ. ಹೆಚ್ಚಿನ ಸಂಖ್ಯೆಯಲ್ಲಿ ಸಾರ್ವಜನಿಕರು ಫೋನ್-ಇನ್ ಕಾರ್ಯಕ್ರಮದಲ್ಲಿ ಭಾಗವಹಿಸುವ ಮೂಲಕ ಇದರ ಸದುಪಯೋಗ ಪಡೆದುಕೊಳ್ಳುವಂತೆ ಕಲ್ಯಾಣ ಕರ್ನಾಟಕ ರಸ್ತೆ ಸಾರಿಗೆ ನಿಗಮದ ವಿಭಾಗೀಯ ನಿಯಂತ್ರಣಾಧಿಕಾರಿಗಳು ಪ್ರಕಟಣೆಯಲ್ಲಿ ತಿಳಿಸಿದ್ದಾರೆ.
****
Cri.Misc. No.108/2025
IN THE COURT OF HON'BLE PRL. CIVIL JUDGE & J.M.F.C. CHIKODI, AT: CHIKODI
Between:-
1. Shri. Irappa Satyappa Laxmanagol, R/o:- Jainapur, Tal; Chikodi, Dist: Belagavii, and others.
----Petitioners
And:
1. The Village Administrative officer, Jainapur, Tal; Chikodi, Dist; Belagavi. and another.
----Respondents
CITATION
WHEREAS the above named Petitioners have filed the top noted petition U/s 13(3) of B & D Reg. Act R/W Rule 10(3) B & D Rules. That the petitioner No.1, 3 to 8's brother and No.2's son by name namely Kashappa Satyappa Laxmanagol, was died on 15-01-1988 at Jainapur village in Chikodi taluka district Belagavi. If any person having any type of objection in this regard, or having interest in proceedings, be present in person or through your counsel on 30-05-2025 at 11.00 pm. failure to which the case will be decided in your absence.
Given under my hand and seal of the court on this 02nd day of May 2025.
Place: Chikodi
Date: 2-05-2025.
Sd/-
(Shri. M. A. Bhajantri)
Advocate for Petitioners
By order of the court
Sd/-
Sheristedar
Sd/-
Bench clerk
